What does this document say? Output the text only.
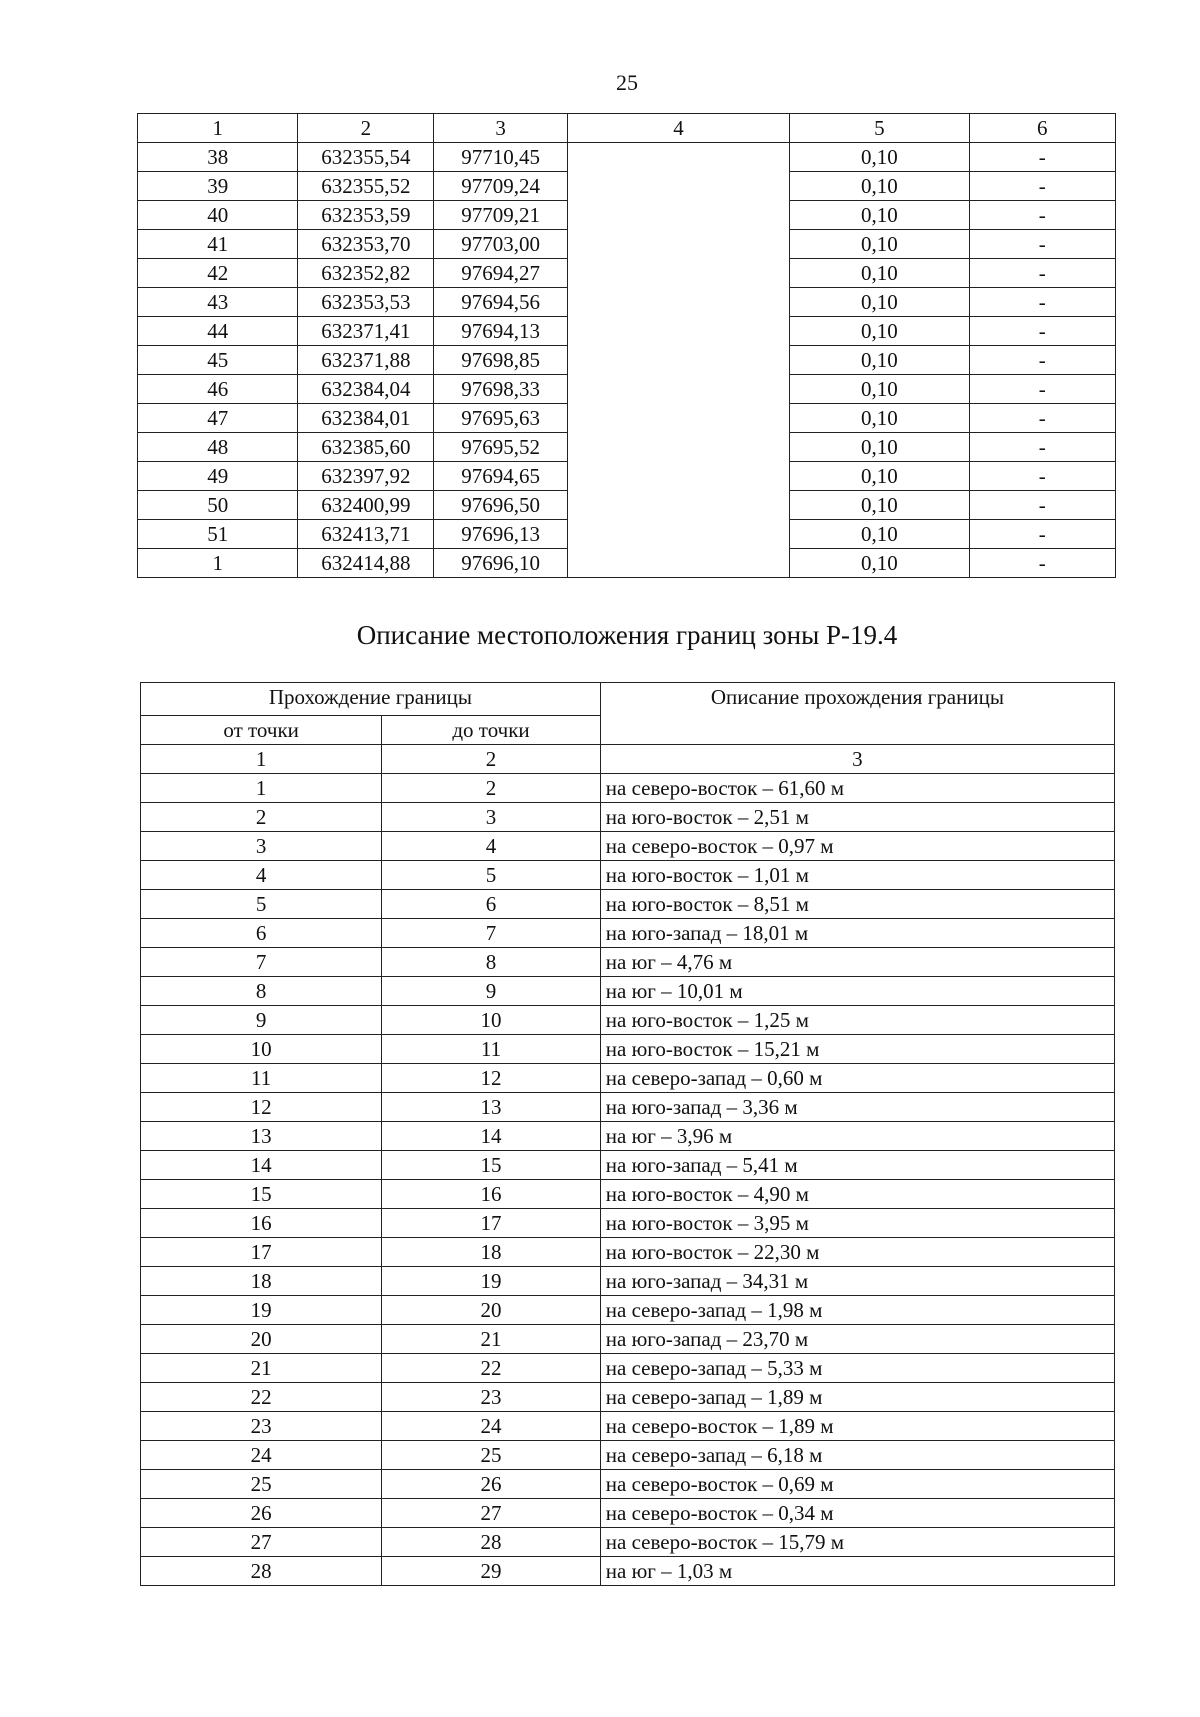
25
1	2	3	4	5	6
38	632355,54	97710,45		0,10	-
39	632355,52	97709,24		0,10	-
40	632353,59	97709,21		0,10	-
41	632353,70	97703,00		0,10	-
42	632352,82	97694,27		0,10	-
43	632353,53	97694,56		0,10	-
44	632371,41	97694,13		0,10	-
45	632371,88	97698,85		0,10	-
46	632384,04	97698,33		0,10	-
47	632384,01	97695,63		0,10	-
48	632385,60	97695,52		0,10	-
49	632397,92	97694,65		0,10	-
50	632400,99	97696,50		0,10	-
51	632413,71	97696,13		0,10	-
1	632414,88	97696,10		0,10	-
Описание местоположения границ зоны Р-19.4
Прохождение границы		Описание прохождения границы
от точки	до точки	
1	2	3
1	2	на северо-восток – 61,60 м
2	3	на юго-восток – 2,51 м
3	4	на северо-восток – 0,97 м
4	5	на юго-восток – 1,01 м
5	6	на юго-восток – 8,51 м
6	7	на юго-запад – 18,01 м
7	8	на юг – 4,76 м
8	9	на юг – 10,01 м
9	10	на юго-восток – 1,25 м
10	11	на юго-восток – 15,21 м
11	12	на северо-запад – 0,60 м
12	13	на юго-запад – 3,36 м
13	14	на юг – 3,96 м
14	15	на юго-запад – 5,41 м
15	16	на юго-восток – 4,90 м
16	17	на юго-восток – 3,95 м
17	18	на юго-восток – 22,30 м
18	19	на юго-запад – 34,31 м
19	20	на северо-запад – 1,98 м
20	21	на юго-запад – 23,70 м
21	22	на северо-запад – 5,33 м
22	23	на северо-запад – 1,89 м
23	24	на северо-восток – 1,89 м
24	25	на северо-запад – 6,18 м
25	26	на северо-восток – 0,69 м
26	27	на северо-восток – 0,34 м
27	28	на северо-восток – 15,79 м
28	29	на юг – 1,03 м
